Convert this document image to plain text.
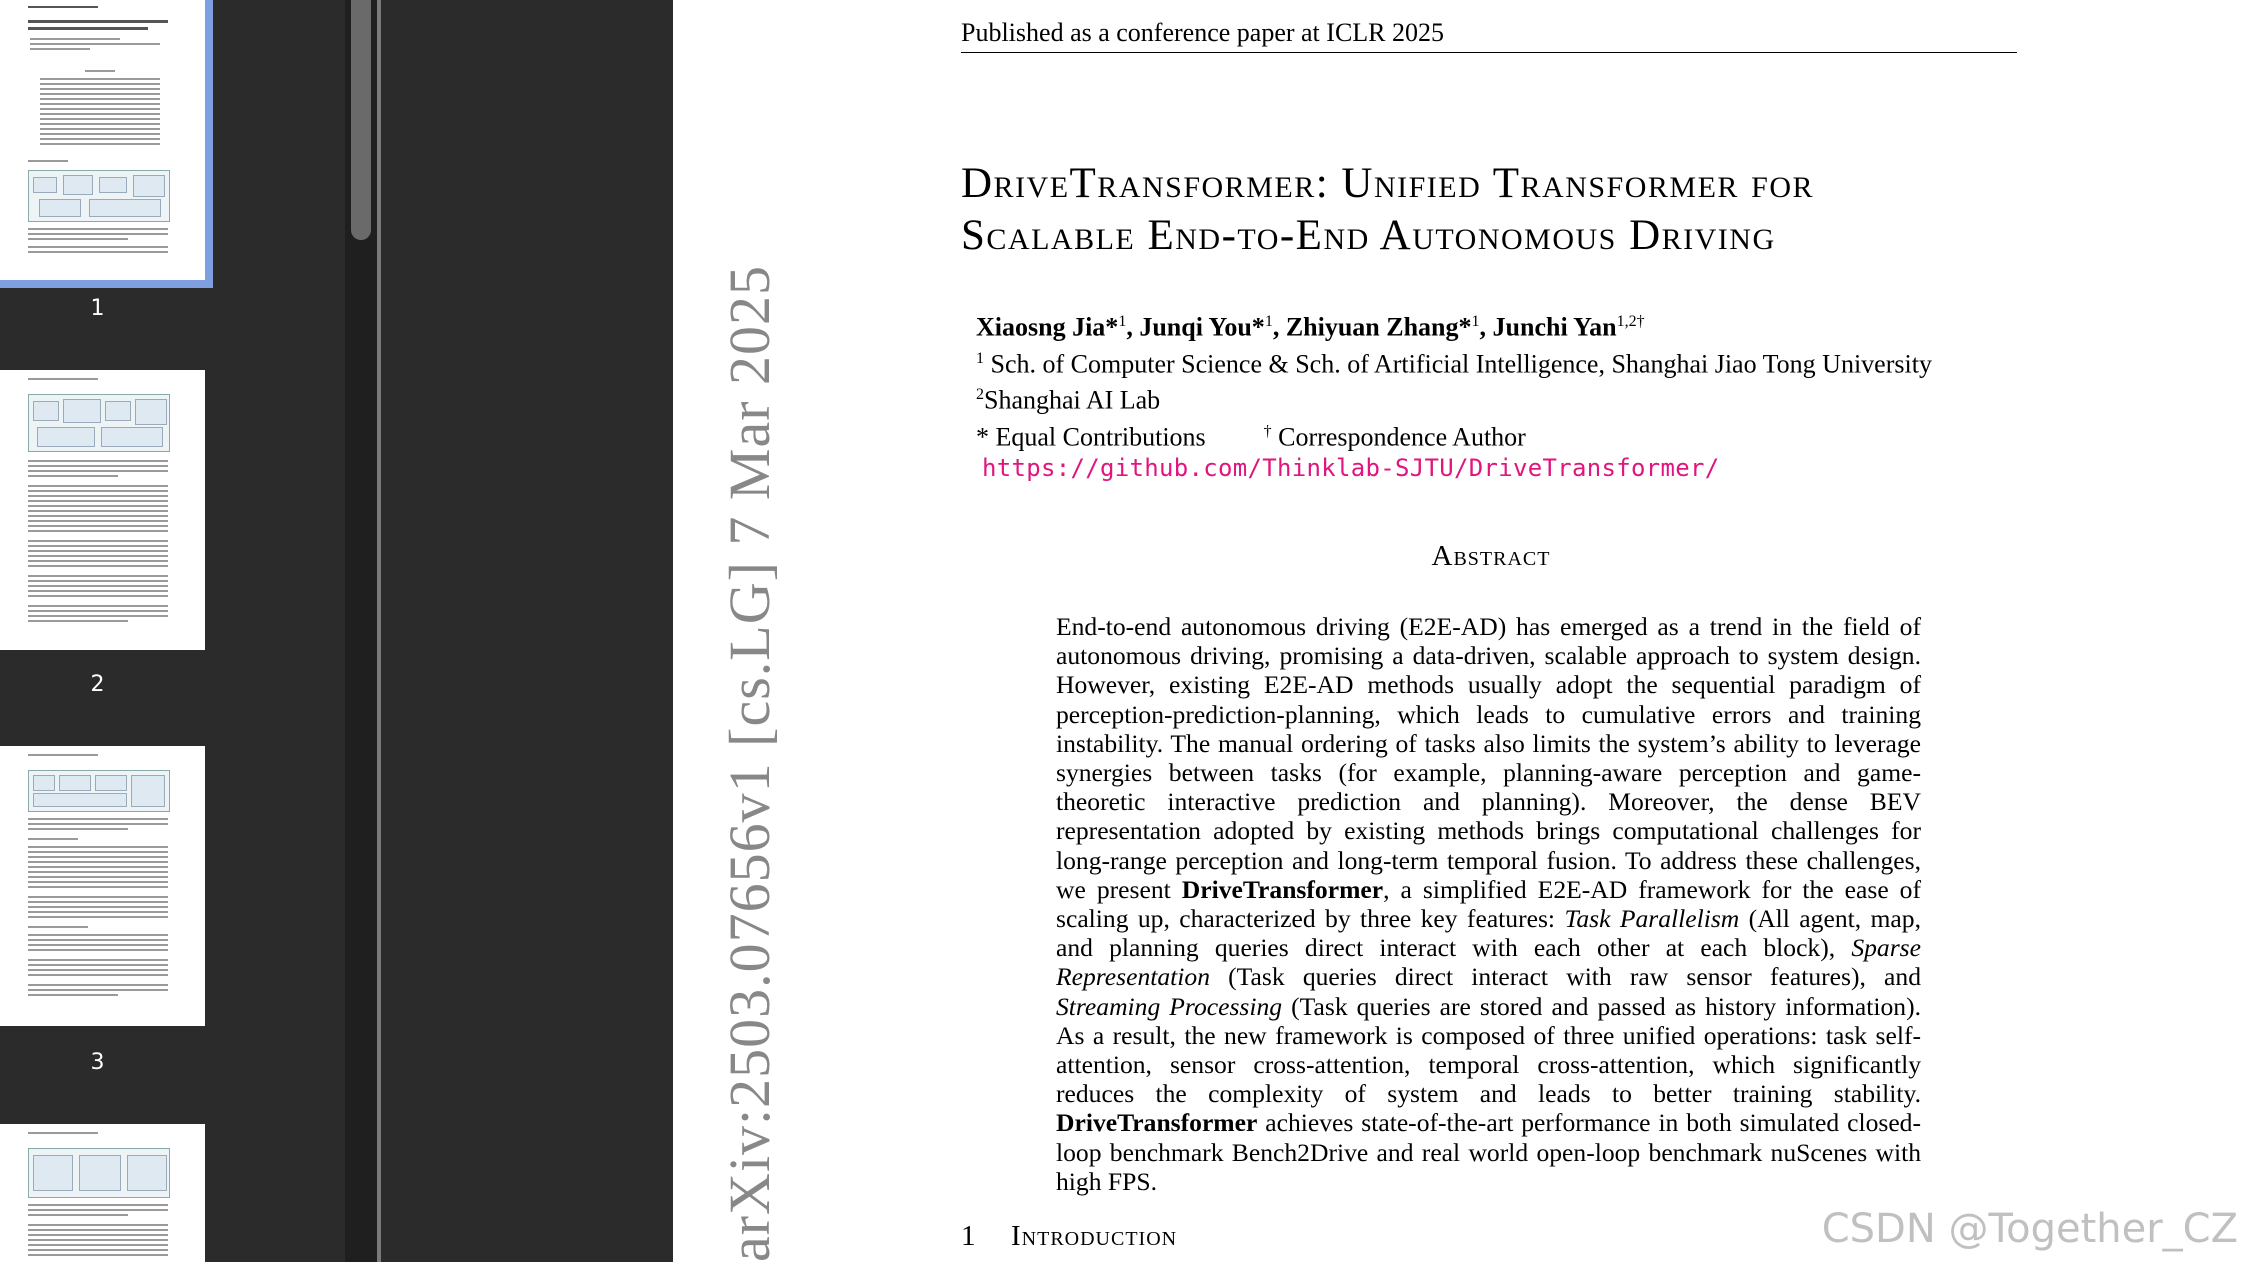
1
2
3	arXiv:2503.07656v1 [cs.LG] 7 Mar 2025
Published as a conference paper at ICLR 2025
DriveTransformer: Unified Transformer for
Scalable End-to-End Autonomous Driving
Xiaosng Jia*$^1$, Junqi You*$^1$, Zhiyuan Zhang*$^1$, Junchi Yan$^{1,2\dagger}$
$^1$ Sch. of Computer Science & Sch. of Artificial Intelligence, Shanghai Jiao Tong University
$^2$Shanghai AI Lab
* Equal Contributions	† Correspondence Author
https://github.com/Thinklab-SJTU/DriveTransformer/
Abstract
End-to-end autonomous driving (E2E-AD) has emerged as a trend in the field of autonomous driving, promising a data-driven, scalable approach to system design. However, existing E2E-AD methods usually adopt the sequential paradigm of perception-prediction-planning, which leads to cumulative errors and training instability. The manual ordering of tasks also limits the system’s ability to leverage synergies between tasks (for example, planning-aware perception and game-theoretic interactive prediction and planning). Moreover, the dense BEV representation adopted by existing methods brings computational challenges for long-range perception and long-term temporal fusion. To address these challenges, we present DriveTransformer, a simplified E2E-AD framework for the ease of scaling up, characterized by three key features: Task Parallelism (All agent, map, and planning queries direct interact with each other at each block), Sparse Representation (Task queries direct interact with raw sensor features), and Streaming Processing (Task queries are stored and passed as history information). As a result, the new framework is composed of three unified operations: task self-attention, sensor cross-attention, temporal cross-attention, which significantly reduces the complexity of system and leads to better training stability. DriveTransformer achieves state-of-the-art performance in both simulated closed-loop benchmark Bench2Drive and real world open-loop benchmark nuScenes with high FPS.
1 Introduction	CSDN @Together_CZ
